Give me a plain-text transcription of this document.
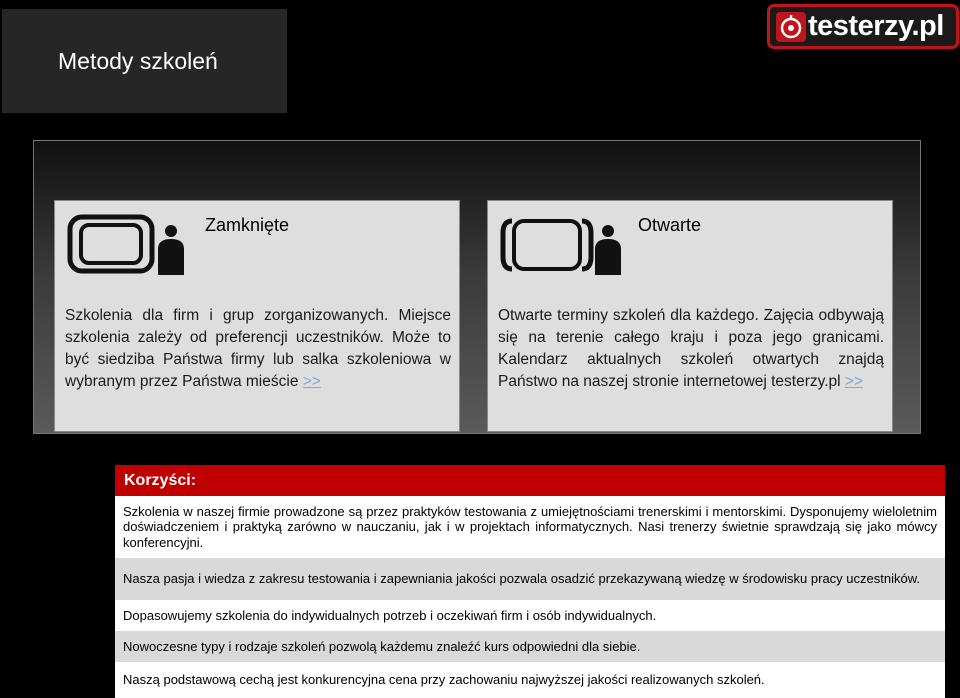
Metody szkoleń
testerzy.pl
Zamknięte
Szkolenia dla firm i grup zorganizowanych. Miejsce szkolenia zależy od preferencji uczestników. Może to być siedziba Państwa firmy lub salka szkoleniowa w wybranym przez Państwa mieście >>
Otwarte
Otwarte terminy szkoleń dla każdego. Zajęcia odbywają się na terenie całego kraju i poza jego granicami. Kalendarz aktualnych szkoleń otwartych znajdą Państwo na naszej stronie internetowej testerzy.pl >>
Korzyści:
Szkolenia w naszej firmie prowadzone są przez praktyków testowania z umiejętnościami trenerskimi i mentorskimi. Dysponujemy wieloletnim doświadczeniem i praktyką zarówno w nauczaniu, jak i w projektach informatycznych. Nasi trenerzy świetnie sprawdzają się jako mówcy konferencyjni.
Nasza pasja i wiedza z zakresu testowania i zapewniania jakości pozwala osadzić przekazywaną wiedzę w środowisku pracy uczestników.
Dopasowujemy szkolenia do indywidualnych potrzeb i oczekiwań firm i osób indywidualnych.
Nowoczesne typy i rodzaje szkoleń pozwolą każdemu znaleźć kurs odpowiedni dla siebie.
Naszą podstawową cechą jest konkurencyjna cena przy zachowaniu najwyższej jakości realizowanych szkoleń.
